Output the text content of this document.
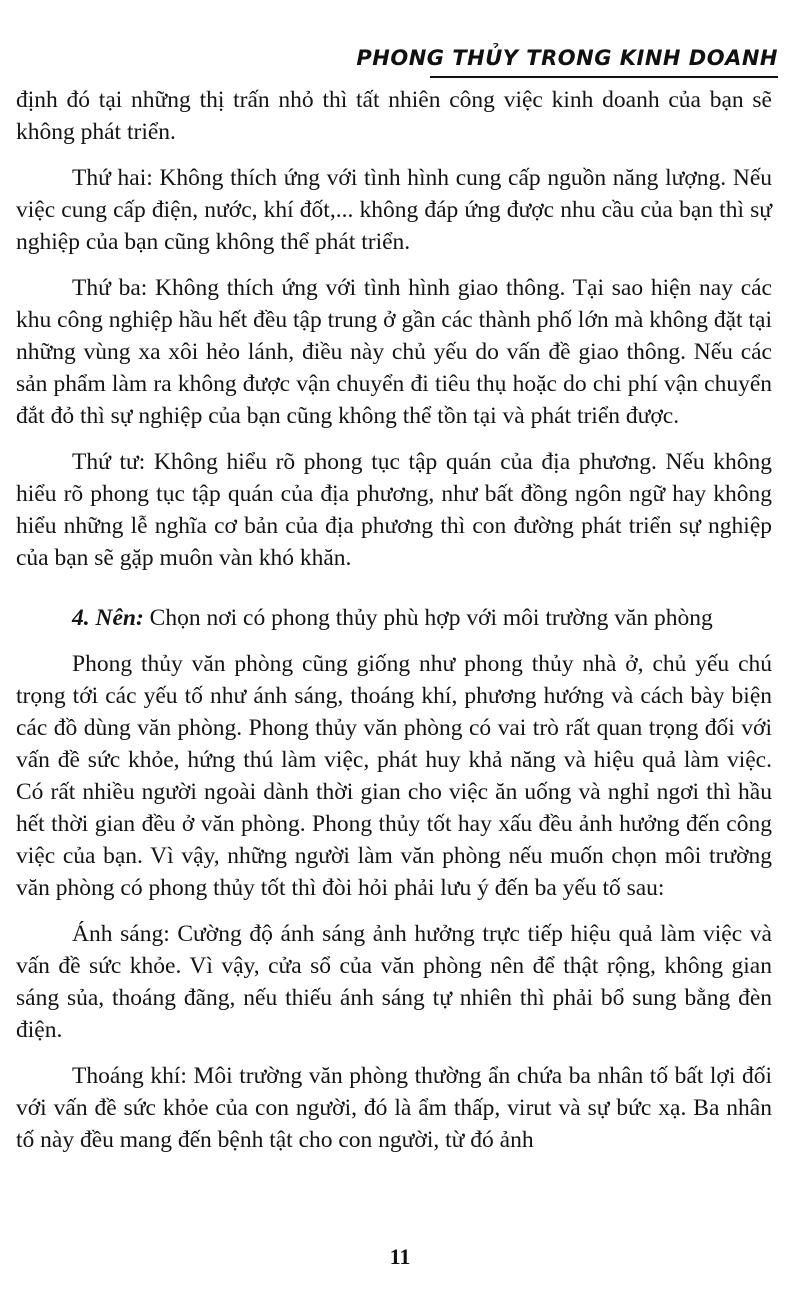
PHONG THỦY TRONG KINH DOANH

định đó tại những thị trấn nhỏ thì tất nhiên công việc kinh doanh của bạn sẽ không phát triển.

Thứ hai: Không thích ứng với tình hình cung cấp nguồn năng lượng. Nếu việc cung cấp điện, nước, khí đốt,... không đáp ứng được nhu cầu của bạn thì sự nghiệp của bạn cũng không thể phát triển.

Thứ ba: Không thích ứng với tình hình giao thông. Tại sao hiện nay các khu công nghiệp hầu hết đều tập trung ở gần các thành phố lớn mà không đặt tại những vùng xa xôi hẻo lánh, điều này chủ yếu do vấn đề giao thông. Nếu các sản phẩm làm ra không được vận chuyển đi tiêu thụ hoặc do chi phí vận chuyển đắt đỏ thì sự nghiệp của bạn cũng không thể tồn tại và phát triển được.

Thứ tư: Không hiểu rõ phong tục tập quán của địa phương. Nếu không hiểu rõ phong tục tập quán của địa phương, như bất đồng ngôn ngữ hay không hiểu những lễ nghĩa cơ bản của địa phương thì con đường phát triển sự nghiệp của bạn sẽ gặp muôn vàn khó khăn.

4. Nên: Chọn nơi có phong thủy phù hợp với môi trường văn phòng

Phong thủy văn phòng cũng giống như phong thủy nhà ở, chủ yếu chú trọng tới các yếu tố như ánh sáng, thoáng khí, phương hướng và cách bày biện các đồ dùng văn phòng. Phong thủy văn phòng có vai trò rất quan trọng đối với vấn đề sức khỏe, hứng thú làm việc, phát huy khả năng và hiệu quả làm việc. Có rất nhiều người ngoài dành thời gian cho việc ăn uống và nghỉ ngơi thì hầu hết thời gian đều ở văn phòng. Phong thủy tốt hay xấu đều ảnh hưởng đến công việc của bạn. Vì vậy, những người làm văn phòng nếu muốn chọn môi trường văn phòng có phong thủy tốt thì đòi hỏi phải lưu ý đến ba yếu tố sau:

Ánh sáng: Cường độ ánh sáng ảnh hưởng trực tiếp hiệu quả làm việc và vấn đề sức khỏe. Vì vậy, cửa sổ của văn phòng nên để thật rộng, không gian sáng sủa, thoáng đãng, nếu thiếu ánh sáng tự nhiên thì phải bổ sung bằng đèn điện.

Thoáng khí: Môi trường văn phòng thường ẩn chứa ba nhân tố bất lợi đối với vấn đề sức khỏe của con người, đó là ẩm thấp, virut và sự bức xạ. Ba nhân tố này đều mang đến bệnh tật cho con người, từ đó ảnh

11
